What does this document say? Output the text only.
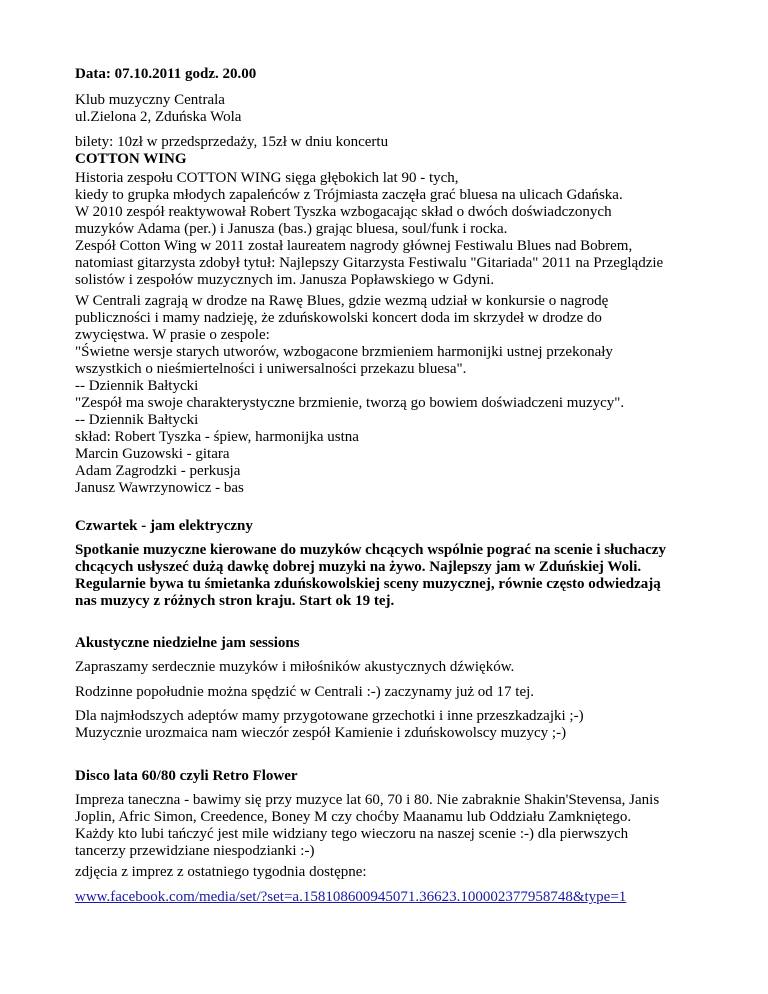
Data: 07.10.2011 godz. 20.00

Klub muzyczny Centrala
ul.Zielona 2, Zduńska Wola
bilety: 10zł w przedsprzedaży, 15zł w dniu koncertu
COTTON WING
Historia zespołu COTTON WING sięga głębokich lat 90 - tych,
kiedy to grupka młodych zapaleńców z Trójmiasta zaczęła grać bluesa na ulicach Gdańska.
W 2010 zespół reaktywował Robert Tyszka wzbogacając skład o dwóch doświadczonych
muzyków Adama (per.) i Janusza (bas.) grając bluesa, soul/funk i rocka.
Zespół Cotton Wing w 2011 został laureatem nagrody głównej Festiwalu Blues nad Bobrem,
natomiast gitarzysta zdobył tytuł: Najlepszy Gitarzysta Festiwalu "Gitariada" 2011 na Przeglądzie
solistów i zespołów muzycznych im. Janusza Popławskiego w Gdyni.
W Centrali zagrają w drodze na Rawę Blues, gdzie wezmą udział w konkursie o nagrodę
publiczności i mamy nadzieję, że zduńskowolski koncert doda im skrzydeł w drodze do
zwycięstwa. W prasie o zespole:
"Świetne wersje starych utworów, wzbogacone brzmieniem harmonijki ustnej przekonały
wszystkich o nieśmiertelności i uniwersalności przekazu bluesa".
-- Dziennik Bałtycki
"Zespół ma swoje charakterystyczne brzmienie, tworzą go bowiem doświadczeni muzycy".
-- Dziennik Bałtycki
skład: Robert Tyszka - śpiew, harmonijka ustna
Marcin Guzowski - gitara
Adam Zagrodzki - perkusja
Janusz Wawrzynowicz - bas

Czwartek - jam elektryczny

Spotkanie muzyczne kierowane do muzyków chcących wspólnie pograć na scenie i słuchaczy
chcących usłyszeć dużą dawkę dobrej muzyki na żywo. Najlepszy jam w Zduńskiej Woli.
Regularnie bywa tu śmietanka zduńskowolskiej sceny muzycznej, równie często odwiedzają
nas muzycy z różnych stron kraju. Start ok 19 tej.

Akustyczne niedzielne jam sessions

Zapraszamy serdecznie muzyków i miłośników akustycznych dźwięków.

Rodzinne popołudnie można spędzić w Centrali :-) zaczynamy już od 17 tej.

Dla najmłodszych adeptów mamy przygotowane grzechotki i inne przeszkadzajki ;-)
Muzycznie urozmaica nam wieczór zespół Kamienie i zduńskowolscy muzycy ;-)

Disco lata 60/80 czyli Retro Flower

Impreza taneczna - bawimy się przy muzyce lat 60, 70 i 80. Nie zabraknie Shakin'Stevensa, Janis
Joplin, Afric Simon, Creedence, Boney M czy choćby Maanamu lub Oddziału Zamkniętego.
Każdy kto lubi tańczyć jest mile widziany tego wieczoru na naszej scenie :-) dla pierwszych
tancerzy przewidziane niespodzianki :-)

zdjęcia z imprez z ostatniego tygodnia dostępne:

www.facebook.com/media/set/?set=a.158108600945071.36623.100002377958748&type=1
